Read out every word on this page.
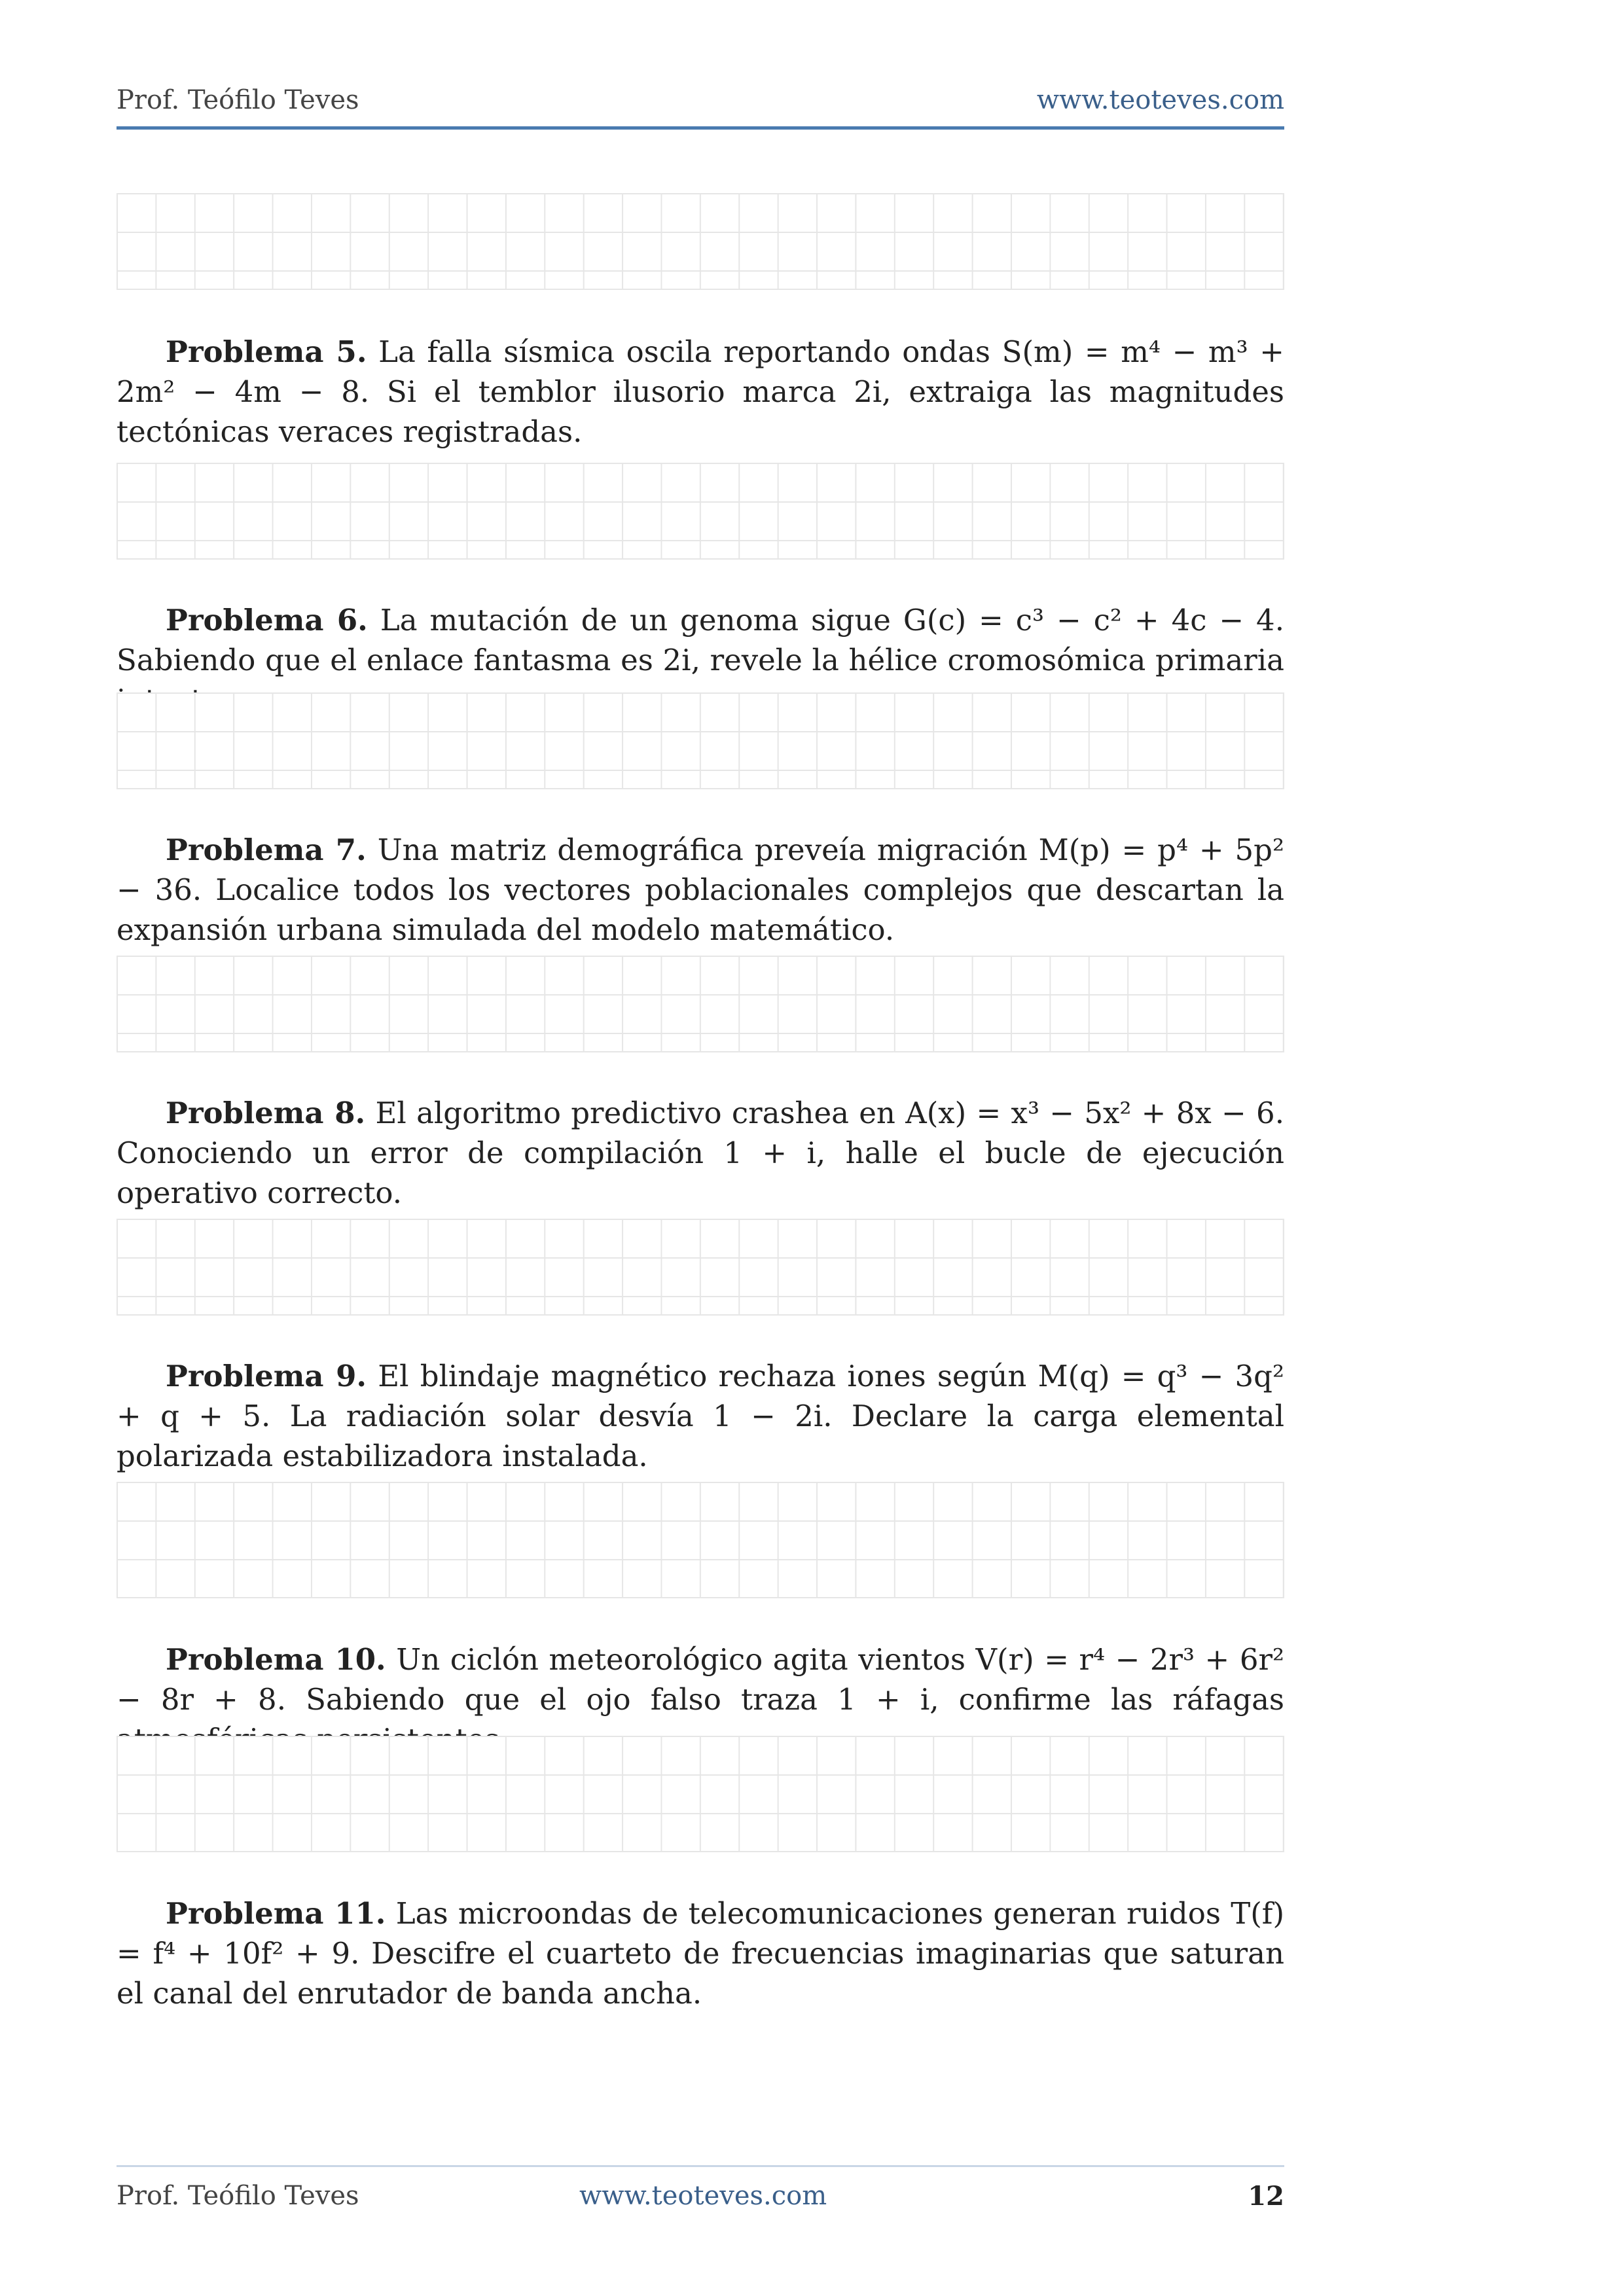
Prof. Teófilo Teves	www.teoteves.com

Problema 5. La falla sísmica oscila reportando ondas S(m) = m⁴ − m³ + 2m² − 4m − 8. Si el temblor ilusorio marca 2i, extraiga las magnitudes tectónicas veraces registradas.

Problema 6. La mutación de un genoma sigue G(c) = c³ − c² + 4c − 4. Sabiendo que el enlace fantasma es 2i, revele la hélice cromosómica primaria

Problema 7. Una matriz demográfica preveía migración M(p) = p⁴ + 5p² − 36. Localice todos los vectores poblacionales complejos que descartan la expansión urbana simulada del modelo matemático.

Problema 8. El algoritmo predictivo crashea en A(x) = x³ − 5x² + 8x − 6. Conociendo un error de compilación 1 + i, halle el bucle de ejecución operativo correcto.

Problema 9. El blindaje magnético rechaza iones según M(q) = q³ − 3q² + q + 5. La radiación solar desvía 1 − 2i. Declare la carga elemental polarizada estabilizadora instalada.

Problema 10. Un ciclón meteorológico agita vientos V(r) = r⁴ − 2r³ + 6r² − 8r + 8. Sabiendo que el ojo falso traza 1 + i, confirme las ráfagas

Problema 11. Las microondas de telecomunicaciones generan ruidos T(f) = f⁴ + 10f² + 9. Descifre el cuarteto de frecuencias imaginarias que saturan el canal del enrutador de banda ancha.

Prof. Teófilo Teves	www.teoteves.com	12
